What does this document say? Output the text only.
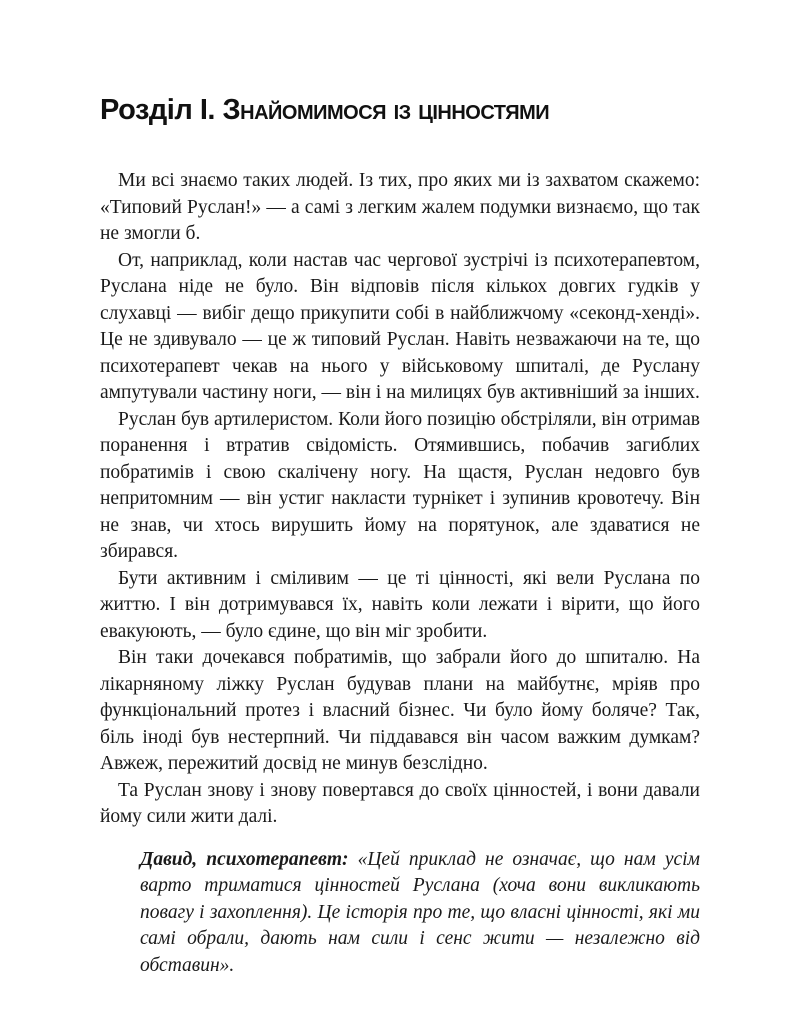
Розділ I. Знайомимося із цінностями

Ми всі знаємо таких людей. Із тих, про яких ми із захватом скажемо: «Типовий Руслан!» — а самі з легким жалем подумки визнаємо, що так не змогли б.

От, наприклад, коли настав час чергової зустрічі із психотерапевтом, Руслана ніде не було. Він відповів після кількох довгих гудків у слухавці — вибіг дещо прикупити собі в найближчому «секонд-хенді». Це не здивувало — це ж типовий Руслан. Навіть незважаючи на те, що психотерапевт чекав на нього у військовому шпиталі, де Руслану ампутували частину ноги, — він і на милицях був активніший за інших.

Руслан був артилеристом. Коли його позицію обстріляли, він отримав поранення і втратив свідомість. Отямившись, побачив загиблих побратимів і свою скалічену ногу. На щастя, Руслан недовго був непритомним — він устиг накласти турнікет і зупинив кровотечу. Він не знав, чи хтось вирушить йому на порятунок, але здаватися не збирався.

Бути активним і сміливим — це ті цінності, які вели Руслана по життю. І він дотримувався їх, навіть коли лежати і вірити, що його евакуюють, — було єдине, що він міг зробити.

Він таки дочекався побратимів, що забрали його до шпиталю. На лікарняному ліжку Руслан будував плани на майбутнє, мріяв про функціональний протез і власний бізнес. Чи було йому боляче? Так, біль іноді був нестерпний. Чи піддавався він часом важким думкам? Авжеж, пережитий досвід не минув безслідно.

Та Руслан знову і знову повертався до своїх цінностей, і вони давали йому сили жити далі.

Давид, психотерапевт: «Цей приклад не означає, що нам усім варто триматися цінностей Руслана (хоча вони викликають повагу і захоплення). Це історія про те, що власні цінності, які ми самі обрали, дають нам сили і сенс жити — незалежно від обставин».
